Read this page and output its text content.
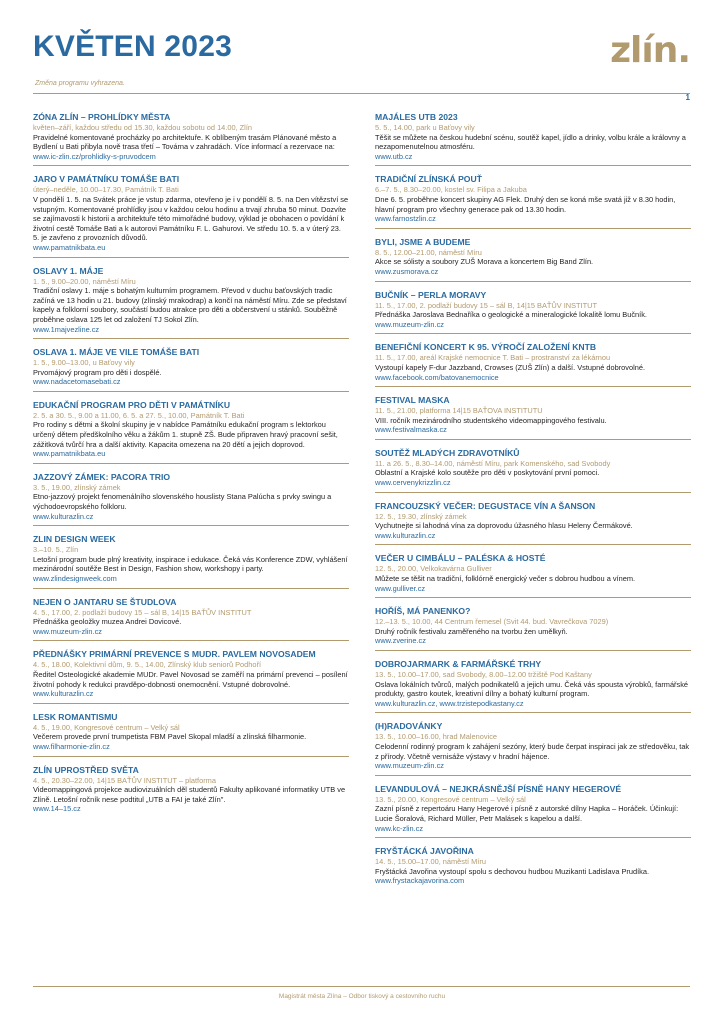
KVĚTEN 2023	zlín.
Změna programu vyhrazena.
1
ZÓNA ZLÍN – PROHLÍDKY MĚSTA
květen–září, každou středu od 15.30, každou sobotu od 14.00, Zlín
Pravidelné komentované procházky po architektuře. K oblíbeným trasám Plánované město a Bydlení u Bati přibyla nově trasa třetí – Továrna v zahradách. Více informací a rezervace na:
www.ic-zlin.cz/prohlidky-s-pruvodcem
JARO V PAMÁTNÍKU TOMÁŠE BATI
úterý–neděle, 10.00–17.30, Památník T. Bati
V pondělí 1. 5. na Svátek práce je vstup zdarma, otevřeno je i v pondělí 8. 5. na Den vítězství se vstupným. Komentované prohlídky jsou v každou celou hodinu a trvají zhruba 50 minut. Dozvíte se zajímavosti k historii a architektuře této mimořádné budovy, výklad je obohacen o povídání k životní cestě Tomáše Bati a k autorovi Památníku F. L. Gahurovi. Ve středu 10. 5. a v úterý 23. 5. je zavřeno z provozních důvodů.
www.pamatnikbata.eu
OSLAVY 1. MÁJE
1. 5., 9.00–20.00, náměstí Míru
Tradiční oslavy 1. máje s bohatým kulturním programem. Převod v duchu baťovských tradic začíná ve 13 hodin u 21. budovy (zlínský mrakodrap) a končí na náměstí Míru. Zde se představí kapely a folklorní soubory, součástí budou atrakce pro děti a občerstvení u stánků. Souběžně proběhne oslava 125 let od založení TJ Sokol Zlín.
www.1majvezline.cz
OSLAVA 1. MÁJE VE VILE TOMÁŠE BATI
1. 5., 9.00–13.00, u Baťovy vily
Prvomájový program pro děti i dospělé.
www.nadacetomasebati.cz
EDUKAČNÍ PROGRAM PRO DĚTI V PAMÁTNÍKU
2. 5. a 30. 5., 9.00 a 11.00, 6. 5. a 27. 5., 10.00, Památník T. Bati
Pro rodiny s dětmi a školní skupiny je v nabídce Památníku edukační program s lektorkou určený dětem předškolního věku a žákům 1. stupně ZŠ. Bude připraven hravý pracovní sešit, zážitková tvůrčí hra a další aktivity. Kapacita omezena na 20 dětí a jejich doprovod.
www.pamatnikbata.eu
JAZZOVÝ ZÁMEK: PACORA TRIO
3. 5., 19.00, zlínský zámek
Etno-jazzový projekt fenomenálního slovenského houslisty Stana Palúcha s prvky swingu a východoevropského folkloru.
www.kulturazlin.cz
ZLIN DESIGN WEEK
3.–10. 5., Zlín
Letošní program bude plný kreativity, inspirace i edukace. Čeká vás Konference ZDW, vyhlášení mezinárodní soutěže Best in Design, Fashion show, workshopy i party.
www.zlindesignweek.com
NEJEN O JANTARU SE ŠTUDLOVA
4. 5., 17.00, 2. podlaží budovy 15 – sál B, 14|15 BAŤŮV INSTITUT
Přednáška geoložky muzea Andrei Dovicové.
www.muzeum-zlin.cz
PŘEDNÁŠKY PRIMÁRNÍ PREVENCE S MUDR. PAVLEM NOVOSADEM
4. 5., 18.00, Kolektivní dům, 9. 5., 14.00, Zlínský klub seniorů Podhoří
Ředitel Osteologické akademie MUDr. Pavel Novosad se zaměří na primární prevenci – posílení životní pohody k redukci pravděpo-dobnosti onemocnění. Vstupné dobrovolné.
www.kulturazlin.cz
LESK ROMANTISMU
4. 5., 19.00, Kongresové centrum – Velký sál
Večerem provede první trumpetista FBM Pavel Skopal mladší a zlínská filharmonie.
www.filharmonie-zlin.cz
ZLÍN UPROSTŘED SVĚTA
4. 5., 20.30–22.00, 14|15 BAŤŮV INSTITUT – platforma
Videomappingová projekce audiovizuálních děl studentů Fakulty aplikované informatiky UTB ve Zlíně. Letošní ročník nese podtitul „UTB a FAI je také Zlín".
www.14–15.cz
MAJÁLES UTB 2023
5. 5., 14.00, park u Baťovy vily
Těšit se můžete na českou hudební scénu, soutěž kapel, jídlo a drinky, volbu krále a královny a nezapomenutelnou atmosféru.
www.utb.cz
TRADIČNÍ ZLÍNSKÁ POUŤ
6.–7. 5., 8.30–20.00, kostel sv. Filipa a Jakuba
Dne 6. 5. proběhne koncert skupiny AG Flek. Druhý den se koná mše svatá již v 8.30 hodin, hlavní program pro všechny generace pak od 13.30 hodin.
www.farnostzlin.cz
BYLI, JSME A BUDEME
8. 5., 12.00–21.00, náměstí Míru
Akce se sólisty a soubory ZUŠ Morava a koncertem Big Band Zlín.
www.zusmorava.cz
BUČNÍK – PERLA MORAVY
11. 5., 17.00, 2. podlaží budovy 15 – sál B, 14|15 BAŤŮV INSTITUT
Přednáška Jaroslava Bednaříka o geologické a mineralogické lokalitě lomu Bučník.
www.muzeum-zlin.cz
BENEFIČNÍ KONCERT K 95. VÝROČÍ ZALOŽENÍ KNTB
11. 5., 17.00, areál Krajské nemocnice T. Bati – prostranství za lékárnou
Vystoupí kapely F-dur Jazzband, Crowses (ZUŠ Zlín) a další. Vstupné dobrovolné.
www.facebook.com/batovanemocnice
FESTIVAL MASKA
11. 5., 21.00, platforma 14|15 BAŤOVA INSTITUTU
VIII. ročník mezinárodního studentského videomappingového festivalu.
www.festivalmaska.cz
SOUTĚŽ MLADÝCH ZDRAVOTNÍKŮ
11. a 26. 5., 8.30–14.00, náměstí Míru, park Komenského, sad Svobody
Oblastní a Krajské kolo soutěže pro děti v poskytování první pomoci.
www.cervenykrizzlin.cz
FRANCOUZSKÝ VEČER: DEGUSTACE VÍN A ŠANSON
12. 5., 19.30, zlínský zámek
Vychutnejte si lahodná vína za doprovodu úžasného hlasu Heleny Čermákové.
www.kulturazlin.cz
VEČER U CIMBÁLU – PALÉSKA & HOSTÉ
12. 5., 20.00, Velkokavárna Gulliver
Můžete se těšit na tradiční, folklórně energický večer s dobrou hudbou a vínem.
www.gulliver.cz
HOŘÍŠ, MÁ PANENKO?
12.–13. 5., 10.00, 44 Centrum řemesel (Svit 44. bud. Vavrečkova 7029)
Druhý ročník festivalu zaměřeného na tvorbu žen umělkyň.
www.zverine.cz
DOBROJARMARK & FARMÁŘSKÉ TRHY
13. 5., 10.00–17.00, sad Svobody, 8.00–12.00 tržiště Pod Kaštany
Oslava lokálních tvůrců, malých podnikatelů a jejich umu. Čeká vás spousta výrobků, farmářské produkty, gastro koutek, kreativní dílny a bohatý kulturní program.
www.kulturazlin.cz, www.trzistepodkastany.cz
(H)RADOVÁNKY
13. 5., 10.00–16.00, hrad Malenovice
Celodenní rodinný program k zahájení sezóny, který bude čerpat inspiraci jak ze středověku, tak z přírody. Včetně vernisáže výstavy v hradní hájence.
www.muzeum-zlin.cz
LEVANDULOVÁ – NEJKRÁSNĚJŠÍ PÍSNĚ HANY HEGEROVÉ
13. 5., 20.00, Kongresové centrum – Velký sál
Zazní písně z repertoáru Hany Hegerové i písně z autorské dílny Hapka – Horáček. Účinkují: Lucie Šoralová, Richard Müller, Petr Malásek s kapelou a další.
www.kc-zlin.cz
FRYŠTÁCKÁ JAVOŘINA
14. 5., 15.00–17.00, náměstí Míru
Fryštácká Javořina vystoupí spolu s dechovou hudbou Muzikanti Ladislava Prudíka.
www.frystackajavorina.com
Magistrát města Zlína – Odbor tiskový a cestovního ruchu
